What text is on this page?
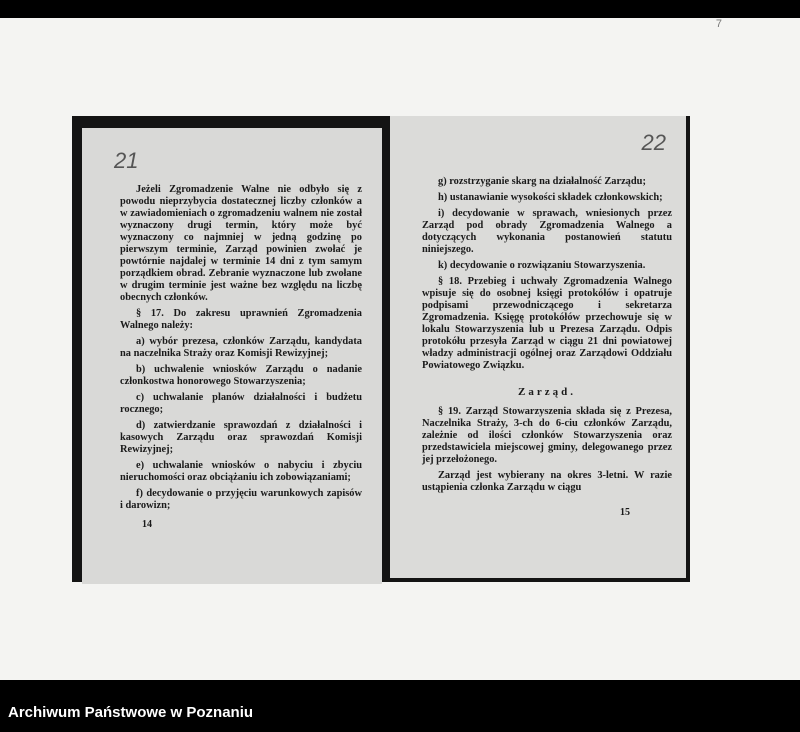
7
21

Jeżeli Zgromadzenie Walne nie odbyło się z powodu nieprzybycia dostatecznej liczby członków a w zawiadomieniach o zgromadzeniu walnem nie został wyznaczony drugi termin, który może być wyznaczony co najmniej w jedną godzinę po pierwszym terminie, Zarząd powinien zwołać je powtórnie najdalej w terminie 14 dni z tym samym porządkiem obrad. Zebranie wyznaczone lub zwołane w drugim terminie jest ważne bez względu na liczbę obecnych członków.

§ 17. Do zakresu uprawnień Zgromadzenia Walnego należy:

a) wybór prezesa, członków Zarządu, kandydata na naczelnika Straży oraz Komisji Rewizyjnej;

b) uchwalenie wniosków Zarządu o nadanie członkostwa honorowego Stowarzyszenia;

c) uchwalanie planów działalności i budżetu rocznego;

d) zatwierdzanie sprawozdań z działalności i kasowych Zarządu oraz sprawozdań Komisji Rewizyjnej;

e) uchwalanie wniosków o nabyciu i zbyciu nieruchomości oraz obciążaniu ich zobowiązaniami;

f) decydowanie o przyjęciu warunkowych zapisów i darowizn;

14
22

g) rozstrzyganie skarg na działalność Zarządu;

h) ustanawianie wysokości składek członkowskich;

i) decydowanie w sprawach, wniesionych przez Zarząd pod obrady Zgromadzenia Walnego a dotyczących wykonania postanowień statutu niniejszego.

k) decydowanie o rozwiązaniu Stowarzyszenia.

§ 18. Przebieg i uchwały Zgromadzenia Walnego wpisuje się do osobnej księgi protokółów i opatruje podpisami przewodniczącego i sekretarza Zgromadzenia. Księgę protokółów przechowuje się w lokalu Stowarzyszenia lub u Prezesa Zarządu. Odpis protokółu przesyła Zarząd w ciągu 21 dni powiatowej władzy administracji ogólnej oraz Zarządowi Oddziału Powiatowego Związku.

Zarząd.

§ 19. Zarząd Stowarzyszenia składa się z Prezesa, Naczelnika Straży, 3-ch do 6-ciu członków Zarządu, zależnie od ilości członków Stowarzyszenia oraz przedstawiciela miejscowej gminy, delegowanego przez jej przełożonego.

Zarząd jest wybierany na okres 3-letni. W razie ustąpienia członka Zarządu w ciągu

15
Archiwum Państwowe w Poznaniu
